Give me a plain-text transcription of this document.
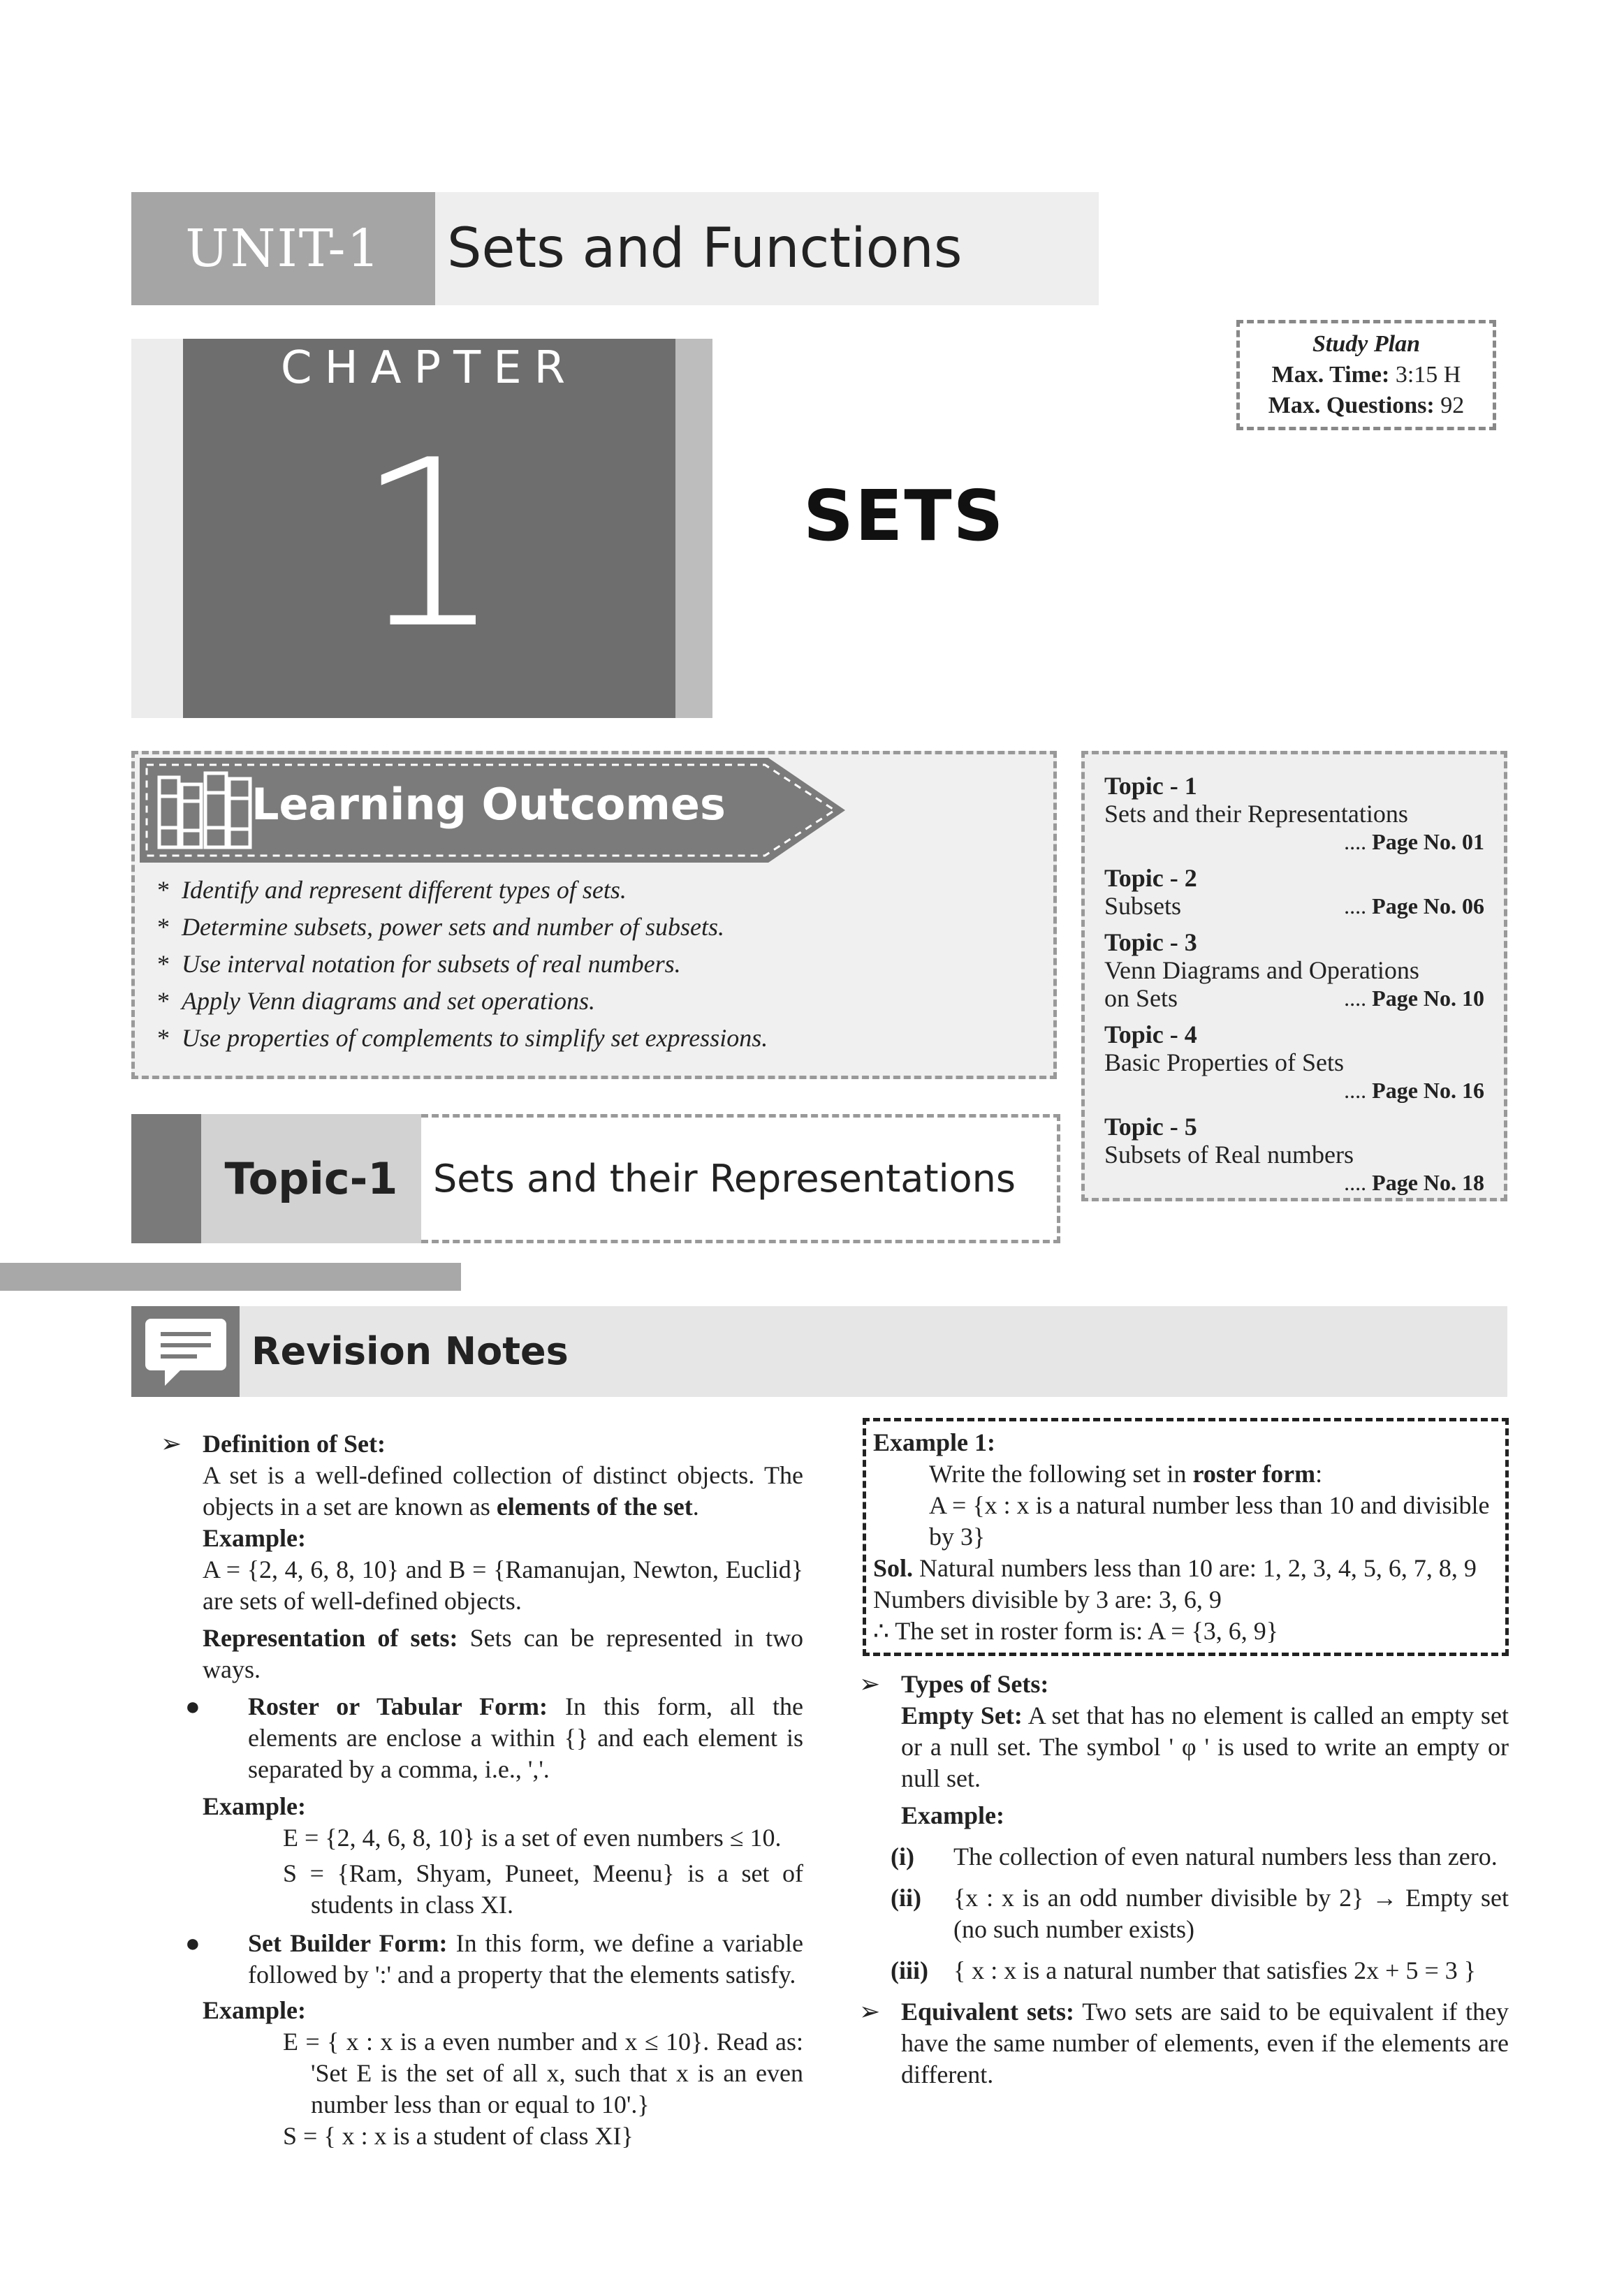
UNIT-1	Sets and Functions
CHAPTER
1	SETS
Study Plan
Max. Time: 3:15 H
Max. Questions: 92
Learning Outcomes
* Identify and represent different types of sets.
* Determine subsets, power sets and number of subsets.
* Use interval notation for subsets of real numbers.
* Apply Venn diagrams and set operations.
* Use properties of complements to simplify set expressions.
Topic - 1
Sets and their Representations
.... Page No. 01
Topic - 2
Subsets	.... Page No. 06
Topic - 3
Venn Diagrams and Operations
on Sets	.... Page No. 10
Topic - 4
Basic Properties of Sets
.... Page No. 16
Topic - 5
Subsets of Real numbers
.... Page No. 18
Topic-1 Sets and their Representations
Revision Notes
➢ Definition of Set:
A set is a well-defined collection of distinct objects. The objects in a set are known as elements of the set.
Example:
A = {2, 4, 6, 8, 10} and B = {Ramanujan, Newton, Euclid} are sets of well-defined objects.
Representation of sets: Sets can be represented in two ways.
● Roster or Tabular Form: In this form, all the elements are enclose a within {} and each element is separated by a comma, i.e., ','.
Example:
E = {2, 4, 6, 8, 10} is a set of even numbers ≤ 10.
S = {Ram, Shyam, Puneet, Meenu} is a set of students in class XI.
● Set Builder Form: In this form, we define a variable followed by ':' and a property that the elements satisfy.
Example:
E = { x : x is a even number and x ≤ 10}. Read as: 'Set E is the set of all x, such that x is an even number less than or equal to 10'.}
S = { x : x is a student of class XI}
Example 1:
Write the following set in roster form:
A = {x : x is a natural number less than 10 and divisible by 3}
Sol. Natural numbers less than 10 are: 1, 2, 3, 4, 5, 6, 7, 8, 9
Numbers divisible by 3 are: 3, 6, 9
∴ The set in roster form is: A = {3, 6, 9}
➢ Types of Sets:
Empty Set: A set that has no element is called an empty set or a null set. The symbol ' φ ' is used to write an empty or null set.
Example:
(i)	The collection of even natural numbers less than zero.
(ii)	{x : x is an odd number divisible by 2} → Empty set (no such number exists)
(iii)	{ x : x is a natural number that satisfies 2x + 5 = 3 }
➢ Equivalent sets: Two sets are said to be equivalent if they have the same number of elements, even if the elements are different.
